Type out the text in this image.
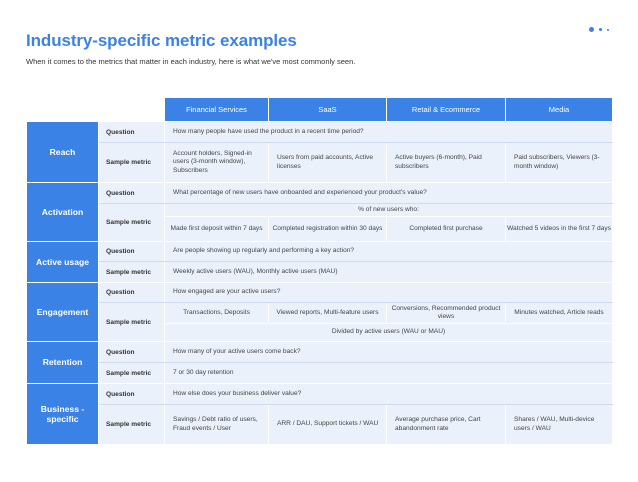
Industry-specific metric examples
When it comes to the metrics that matter in each industry, here is what we've most commonly seen.
		Financial Services	SaaS	Retail & Ecommerce	Media
Reach	Question	How many people have used the product in a recent time period?			
	Sample metric	Account holders, Signed-in users (3-month window), Subscribers	Users from paid accounts, Active licenses	Active buyers (6-month), Paid subscribers	Paid subscribers, Viewers (3-month window)
Activation	Question	What percentage of new users have onboarded and experienced your product's value?			
	Sample metric	% of new users who:			
		Made first deposit within 7 days	Completed registration within 30 days	Completed first purchase	Watched 5 videos in the first 7 days
Active usage	Question	Are people showing up regularly and performing a key action?			
	Sample metric	Weekly active users (WAU), Monthly active users (MAU)			
Engagement	Question	How engaged are your active users?			
	Sample metric	Transactions, Deposits	Viewed reports, Multi-feature users	Conversions, Recommended product views	Minutes watched, Article reads
		Divided by active users (WAU or MAU)			
Retention	Question	How many of your active users come back?			
	Sample metric	7 or 30 day retention			
Business -specific	Question	How else does your business deliver value?			
	Sample metric	Savings / Debt ratio of users, Fraud events / User	ARR / DAU, Support tickets / WAU	Average purchase price, Cart abandonment rate	Shares / WAU, Multi-device users / WAU
